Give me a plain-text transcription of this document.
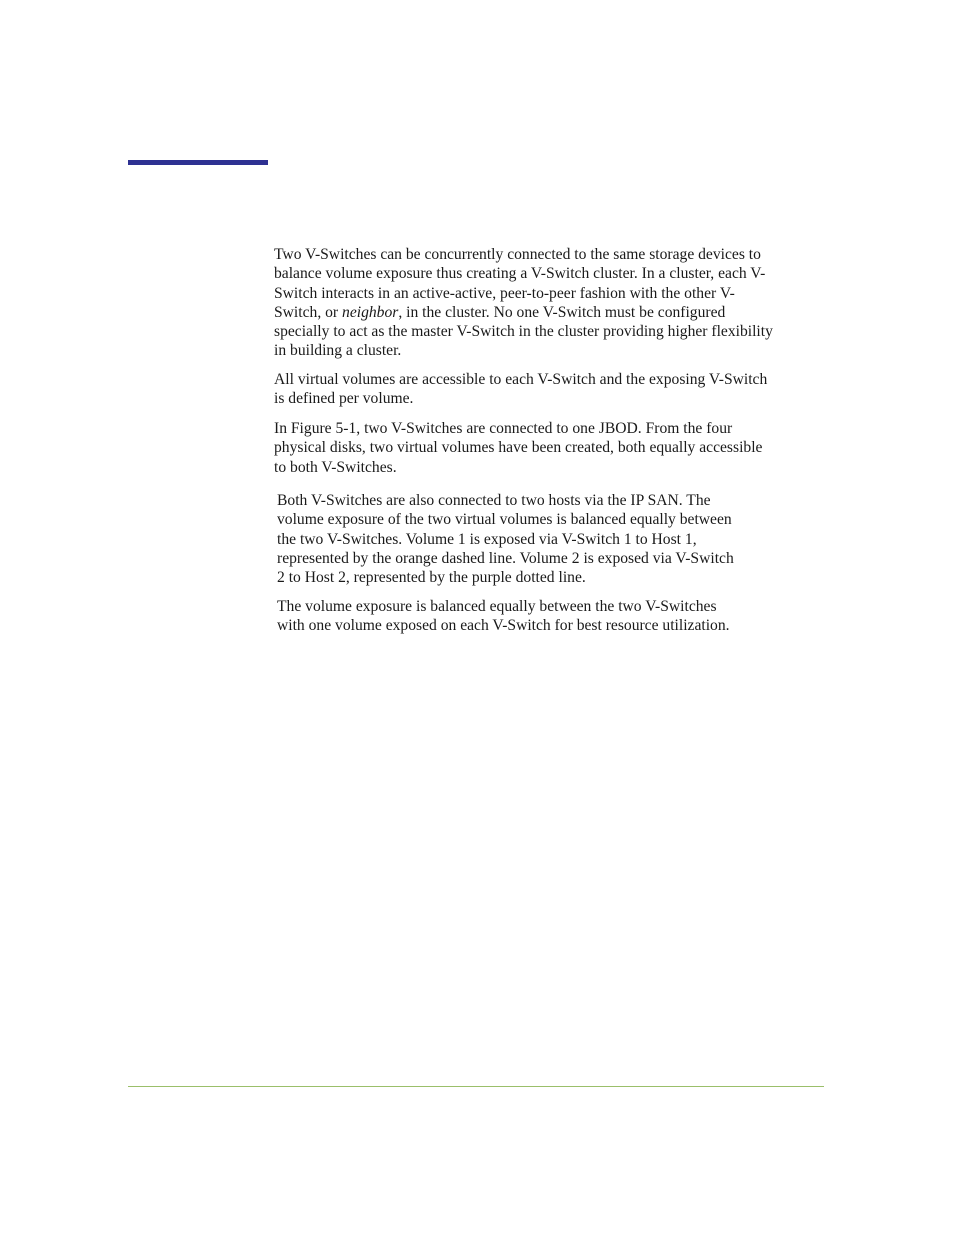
Two V-Switches can be concurrently connected to the same storage devices to
balance volume exposure thus creating a V-Switch cluster. In a cluster, each V-
Switch interacts in an active-active, peer-to-peer fashion with the other V-
Switch, or neighbor, in the cluster. No one V-Switch must be configured
specially to act as the master V-Switch in the cluster providing higher flexibility
in building a cluster.
All virtual volumes are accessible to each V-Switch and the exposing V-Switch
is defined per volume.
In Figure 5-1, two V-Switches are connected to one JBOD. From the four
physical disks, two virtual volumes have been created, both equally accessible
to both V-Switches.
Both V-Switches are also connected to two hosts via the IP SAN. The
volume exposure of the two virtual volumes is balanced equally between
the two V-Switches. Volume 1 is exposed via V-Switch 1 to Host 1,
represented by the orange dashed line. Volume 2 is exposed via V-Switch
2 to Host 2, represented by the purple dotted line.
The volume exposure is balanced equally between the two V-Switches
with one volume exposed on each V-Switch for best resource utilization.
